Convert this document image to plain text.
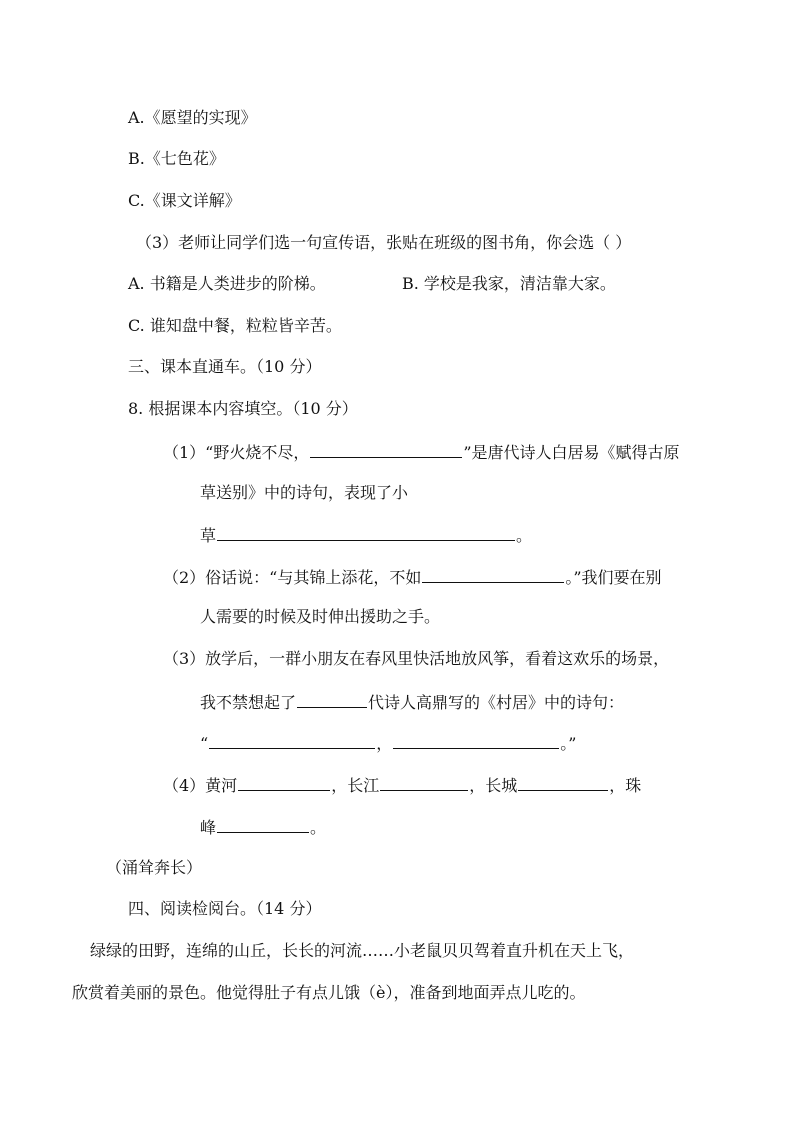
A.《愿望的实现》
B.《七色花》
C.《课文详解》
（3）老师让同学们选一句宣传语，张贴在班级的图书角，你会选（ ）
A. 书籍是人类进步的阶梯。	B. 学校是我家，清洁靠大家。
C. 谁知盘中餐，粒粒皆辛苦。
三、课本直通车。（10 分）
8. 根据课本内容填空。（10 分）
（1）“野火烧不尽，	”是唐代诗人白居易《赋得古原
草送别》中的诗句，表现了小
草	。
（2）俗话说：“与其锦上添花，不如	。”我们要在别
人需要的时候及时伸出援助之手。
（3）放学后，一群小朋友在春风里快活地放风筝，看着这欢乐的场景，
我不禁想起了	代诗人高鼎写的《村居》中的诗句：
“	，	。”
（4）黄河	，长江	，长城	，珠
峰	。
（涌耸奔长）
四、阅读检阅台。（14 分）
绿绿的田野，连绵的山丘，长长的河流……小老鼠贝贝驾着直升机在天上飞，
欣赏着美丽的景色。他觉得肚子有点儿饿（è），准备到地面弄点儿吃的。
